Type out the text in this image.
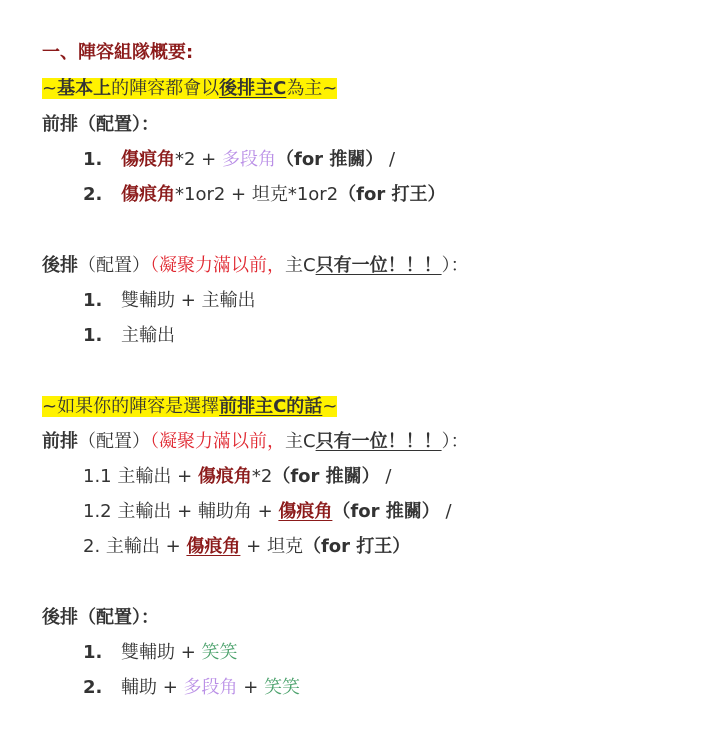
一、陣容組隊概要:
~基本上的陣容都會以後排主C為主~
前排（配置）：
1. 傷痕角*2 + 多段角（for 推關） /
2. 傷痕角*1or2 + 坦克*1or2（for 打王）
後排（配置）（凝聚力滿以前，主C只有一位！！！）：
1. 雙輔助 + 主輸出
1. 主輸出
~如果你的陣容是選擇前排主C的話~
前排（配置）（凝聚力滿以前，主C只有一位！！！）：
1.1 主輸出 + 傷痕角*2（for 推關） /
1.2 主輸出 + 輔助角 + 傷痕角（for 推關） /
2. 主輸出 + 傷痕角 + 坦克（for 打王）
後排（配置）：
1. 雙輔助 + 笑笑
2. 輔助 + 多段角 + 笑笑
